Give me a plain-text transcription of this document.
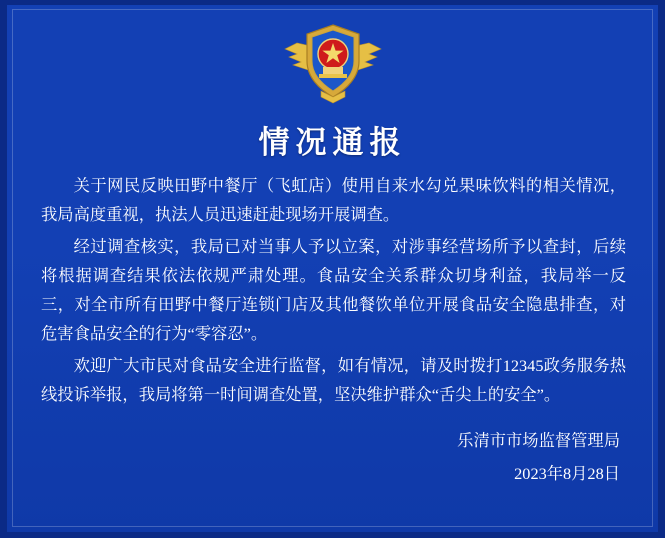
情况通报

关于网民反映田野中餐厅（飞虹店）使用自来水勾兑果味饮料的相关情况，我局高度重视，执法人员迅速赶赴现场开展调查。

经过调查核实，我局已对当事人予以立案，对涉事经营场所予以查封，后续将根据调查结果依法依规严肃处理。食品安全关系群众切身利益，我局举一反三，对全市所有田野中餐厅连锁门店及其他餐饮单位开展食品安全隐患排查，对危害食品安全的行为“零容忍”。

欢迎广大市民对食品安全进行监督，如有情况，请及时拨打12345政务服务热线投诉举报，我局将第一时间调查处置，坚决维护群众“舌尖上的安全”。

乐清市市场监督管理局
2023年8月28日
